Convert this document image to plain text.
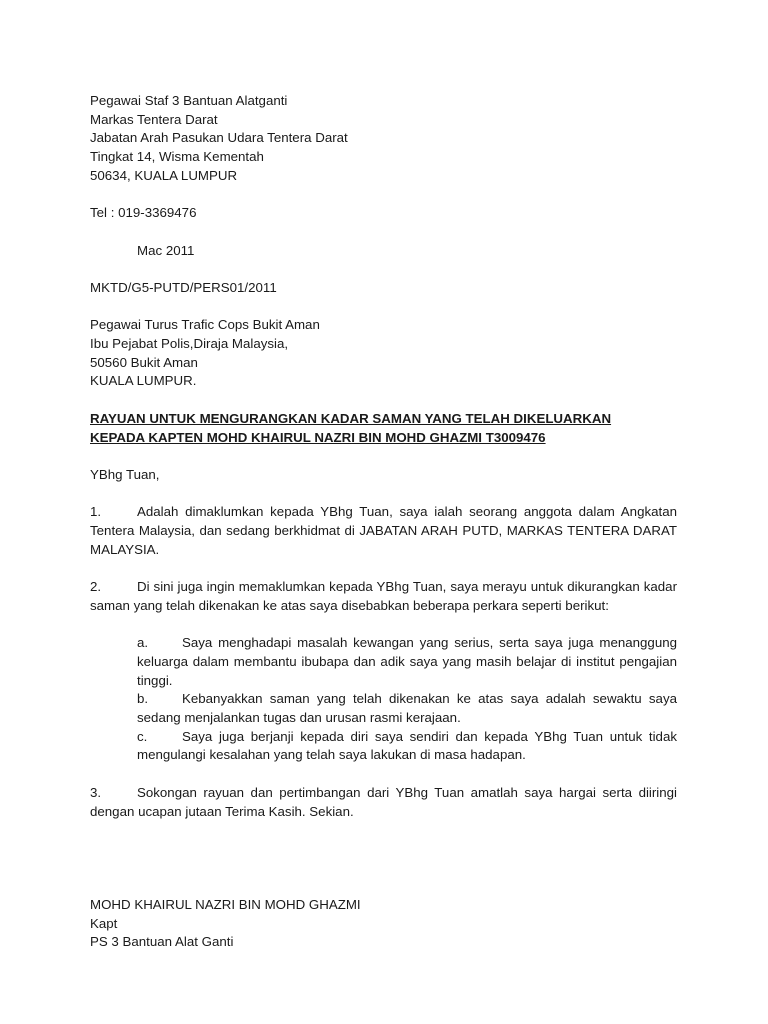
Pegawai Staf 3 Bantuan Alatganti
Markas Tentera Darat
Jabatan Arah Pasukan Udara Tentera Darat
Tingkat 14, Wisma Kementah
50634, KUALA LUMPUR
Tel : 019-3369476
Mac 2011
MKTD/G5-PUTD/PERS01/2011
Pegawai Turus Trafic Cops Bukit Aman
Ibu Pejabat Polis,Diraja Malaysia,
50560 Bukit Aman
KUALA LUMPUR.
RAYUAN UNTUK MENGURANGKAN KADAR SAMAN YANG TELAH DIKELUARKAN
KEPADA KAPTEN MOHD KHAIRUL NAZRI BIN MOHD GHAZMI T3009476
YBhg Tuan,
1.	Adalah dimaklumkan kepada YBhg Tuan, saya ialah seorang anggota dalam Angkatan Tentera Malaysia, dan sedang berkhidmat di JABATAN ARAH PUTD, MARKAS TENTERA DARAT MALAYSIA.
2.	Di sini juga ingin memaklumkan kepada YBhg Tuan, saya merayu untuk dikurangkan kadar saman yang telah dikenakan ke atas saya disebabkan beberapa perkara seperti berikut:
a.	Saya menghadapi masalah kewangan yang serius, serta saya juga menanggung keluarga dalam membantu ibubapa dan adik saya yang masih belajar di institut pengajian tinggi.
b.	Kebanyakkan saman yang telah dikenakan ke atas saya adalah sewaktu saya sedang menjalankan tugas dan urusan rasmi kerajaan.
c.	Saya juga berjanji kepada diri saya sendiri dan kepada YBhg Tuan untuk tidak mengulangi kesalahan yang telah saya lakukan di masa hadapan.
3.	Sokongan rayuan dan pertimbangan dari YBhg Tuan amatlah saya hargai serta diiringi dengan ucapan jutaan Terima Kasih. Sekian.
MOHD KHAIRUL NAZRI BIN MOHD GHAZMI
Kapt
PS 3 Bantuan Alat Ganti
